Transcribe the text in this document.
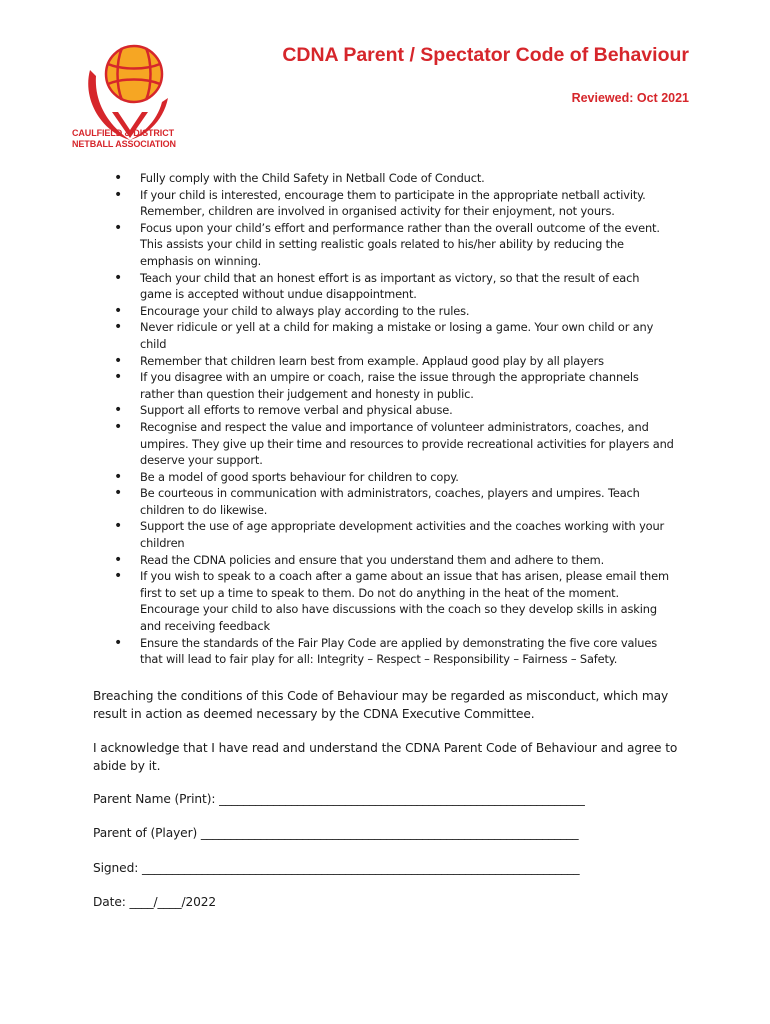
CAULFIELD & DISTRICT
NETBALL ASSOCIATION
CDNA Parent / Spectator Code of Behaviour
Reviewed: Oct 2021
• Fully comply with the Child Safety in Netball Code of Conduct.
• If your child is interested, encourage them to participate in the appropriate netball activity. Remember, children are involved in organised activity for their enjoyment, not yours.
• Focus upon your child’s effort and performance rather than the overall outcome of the event. This assists your child in setting realistic goals related to his/her ability by reducing the emphasis on winning.
• Teach your child that an honest effort is as important as victory, so that the result of each game is accepted without undue disappointment.
• Encourage your child to always play according to the rules.
• Never ridicule or yell at a child for making a mistake or losing a game. Your own child or any child
• Remember that children learn best from example. Applaud good play by all players
• If you disagree with an umpire or coach, raise the issue through the appropriate channels rather than question their judgement and honesty in public.
• Support all efforts to remove verbal and physical abuse.
• Recognise and respect the value and importance of volunteer administrators, coaches, and umpires. They give up their time and resources to provide recreational activities for players and deserve your support.
• Be a model of good sports behaviour for children to copy.
• Be courteous in communication with administrators, coaches, players and umpires. Teach children to do likewise.
• Support the use of age appropriate development activities and the coaches working with your children
• Read the CDNA policies and ensure that you understand them and adhere to them.
• If you wish to speak to a coach after a game about an issue that has arisen, please email them first to set up a time to speak to them. Do not do anything in the heat of the moment. Encourage your child to also have discussions with the coach so they develop skills in asking and receiving feedback
• Ensure the standards of the Fair Play Code are applied by demonstrating the five core values that will lead to fair play for all: Integrity – Respect – Responsibility – Fairness – Safety.

Breaching the conditions of this Code of Behaviour may be regarded as misconduct, which may result in action as deemed necessary by the CDNA Executive Committee.

I acknowledge that I have read and understand the CDNA Parent Code of Behaviour and agree to abide by it.

Parent Name (Print): _____________________________________________________________

Parent of (Player) _______________________________________________________________

Signed: _________________________________________________________________________

Date: ____/____/2022
